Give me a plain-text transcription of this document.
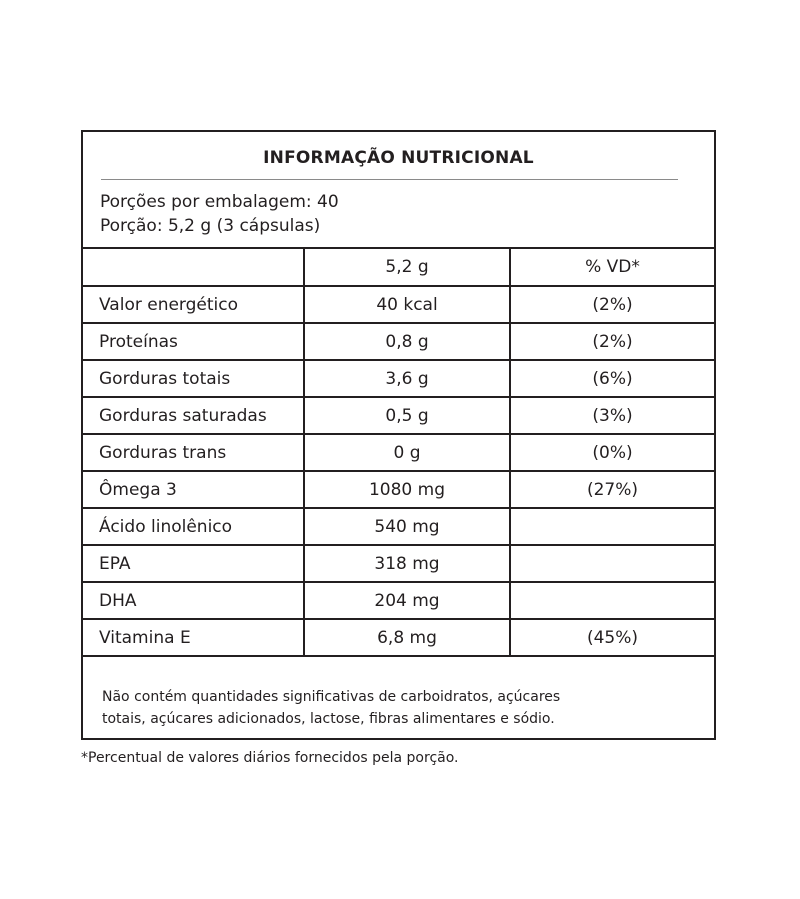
INFORMAÇÃO NUTRICIONAL
Porções por embalagem: 40
Porção: 5,2 g (3 cápsulas)
	5,2 g	% VD*
Valor energético	40 kcal	(2%)
Proteínas	0,8 g	(2%)
Gorduras totais	3,6 g	(6%)
Gorduras saturadas	0,5 g	(3%)
Gorduras trans	0 g	(0%)
Ômega 3	1080 mg	(27%)
Ácido linolênico	540 mg	
EPA	318 mg	
DHA	204 mg	
Vitamina E	6,8 mg	(45%)
Não contém quantidades significativas de carboidratos, açúcares
totais, açúcares adicionados, lactose, fibras alimentares e sódio.
*Percentual de valores diários fornecidos pela porção.
